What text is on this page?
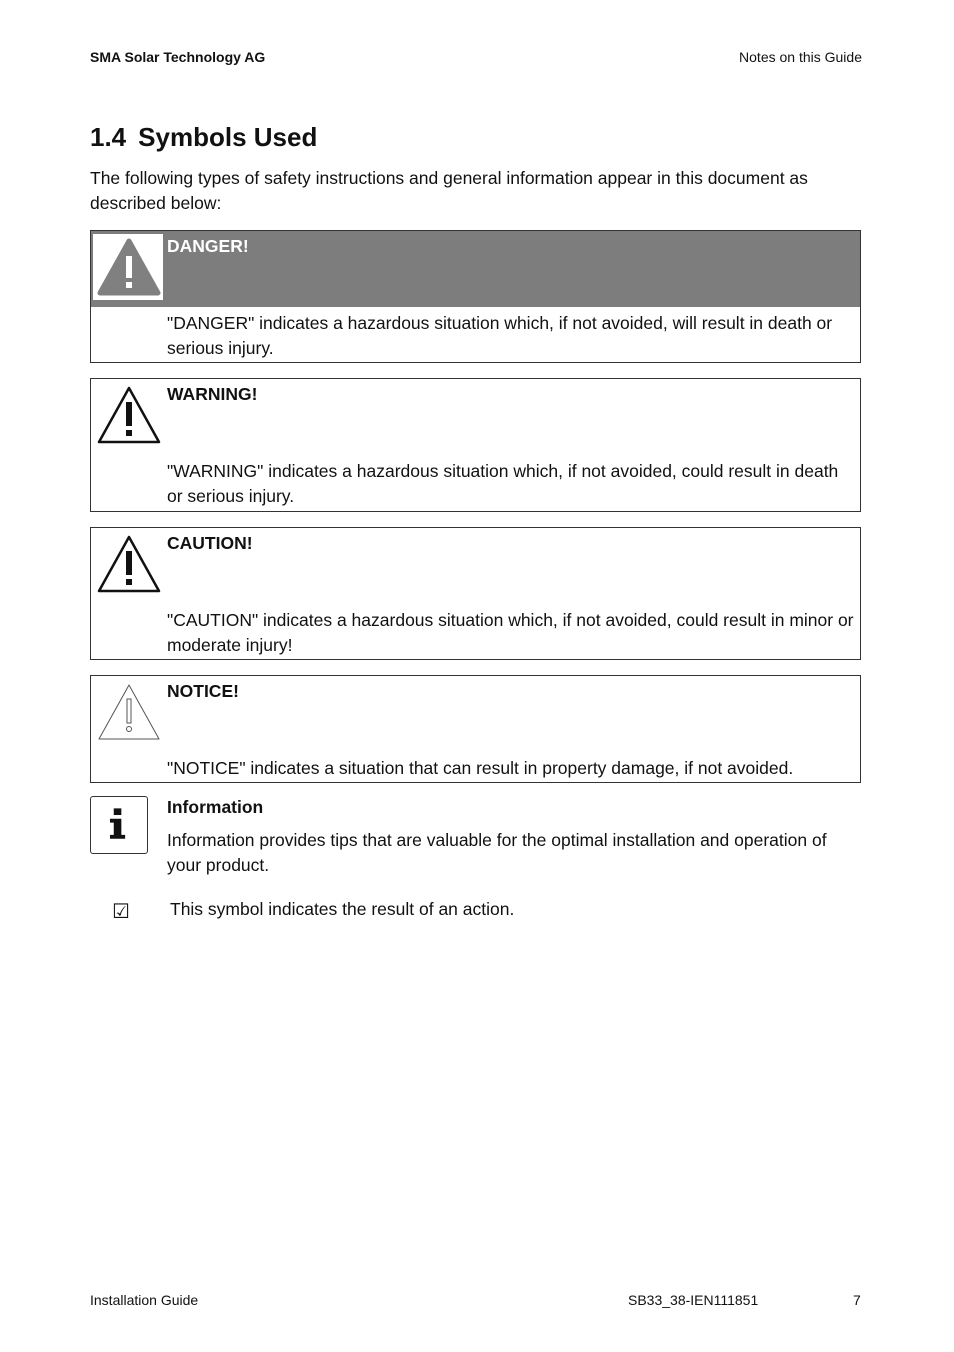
SMA Solar Technology AG	Notes on this Guide
1.4 Symbols Used

The following types of safety instructions and general information appear in this document as described below:

DANGER!
"DANGER" indicates a hazardous situation which, if not avoided, will result in death or serious injury.
WARNING!
"WARNING" indicates a hazardous situation which, if not avoided, could result in death or serious injury.
CAUTION!
"CAUTION" indicates a hazardous situation which, if not avoided, could result in minor or moderate injury!
NOTICE!
"NOTICE" indicates a situation that can result in property damage, if not avoided.
Information

Information provides tips that are valuable for the optimal installation and operation of your product.

☑ This symbol indicates the result of an action.
Installation Guide	SB33_38-IEN111851	7
